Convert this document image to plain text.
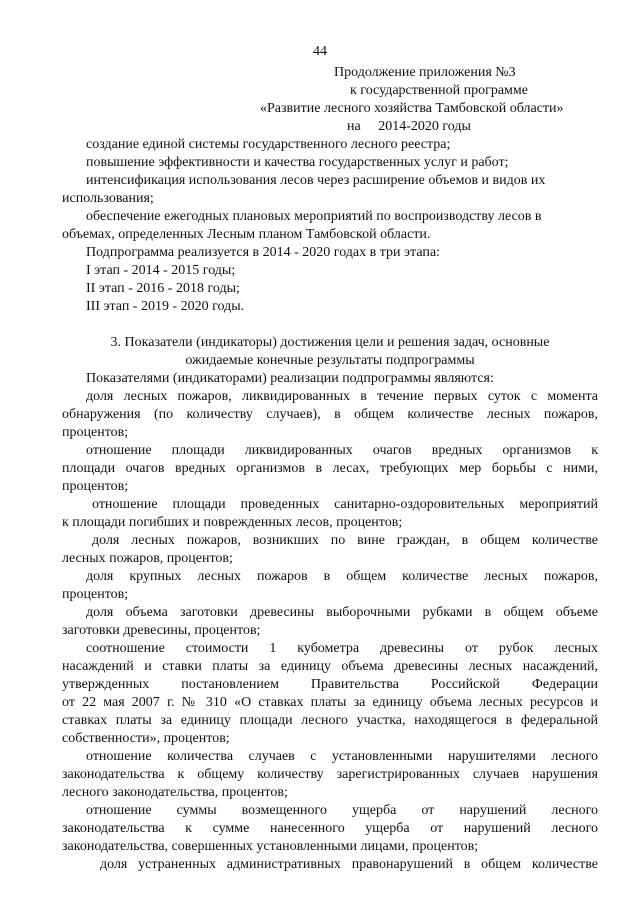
44
Продолжение приложения №3
к государственной программе
«Развитие лесного хозяйства Тамбовской области»
на     2014-2020 годы
создание единой системы государственного лесного реестра;
повышение эффективности и качества государственных услуг и работ;
интенсификация использования лесов через расширение объемов и видов их
использования;
обеспечение ежегодных плановых мероприятий по воспроизводству лесов в
объемах, определенных Лесным планом Тамбовской области.
Подпрограмма реализуется в 2014 - 2020 годах в три этапа:
I этап - 2014 - 2015 годы;
II этап - 2016 - 2018 годы;
III этап - 2019 - 2020 годы.
3. Показатели (индикаторы) достижения цели и решения задач, основные
ожидаемые конечные результаты подпрограммы
Показателями (индикаторами) реализации подпрограммы являются:
доля лесных пожаров, ликвидированных в течение первых суток с момента
обнаружения (по количеству случаев), в общем количестве лесных пожаров,
процентов;
отношение площади ликвидированных очагов вредных организмов к
площади очагов вредных организмов в лесах, требующих мер борьбы с ними,
процентов;
отношение площади проведенных санитарно-оздоровительных мероприятий
к площади погибших и поврежденных лесов, процентов;
доля лесных пожаров, возникших по вине граждан, в общем количестве
лесных пожаров, процентов;
доля крупных лесных пожаров в общем количестве лесных пожаров,
процентов;
доля объема заготовки древесины выборочными рубками в общем объеме
заготовки древесины, процентов;
соотношение стоимости 1 кубометра древесины от рубок лесных
насаждений и ставки платы за единицу объема древесины лесных насаждений,
утвержденных постановлением Правительства Российской Федерации
от 22 мая 2007 г. № 310 «О ставках платы за единицу объема лесных ресурсов и
ставках платы за единицу площади лесного участка, находящегося в федеральной
собственности», процентов;
отношение количества случаев с установленными нарушителями лесного
законодательства к общему количеству зарегистрированных случаев нарушения
лесного законодательства, процентов;
отношение суммы возмещенного ущерба от нарушений лесного
законодательства к сумме нанесенного ущерба от нарушений лесного
законодательства, совершенных установленными лицами, процентов;
доля устраненных административных правонарушений в общем количестве
